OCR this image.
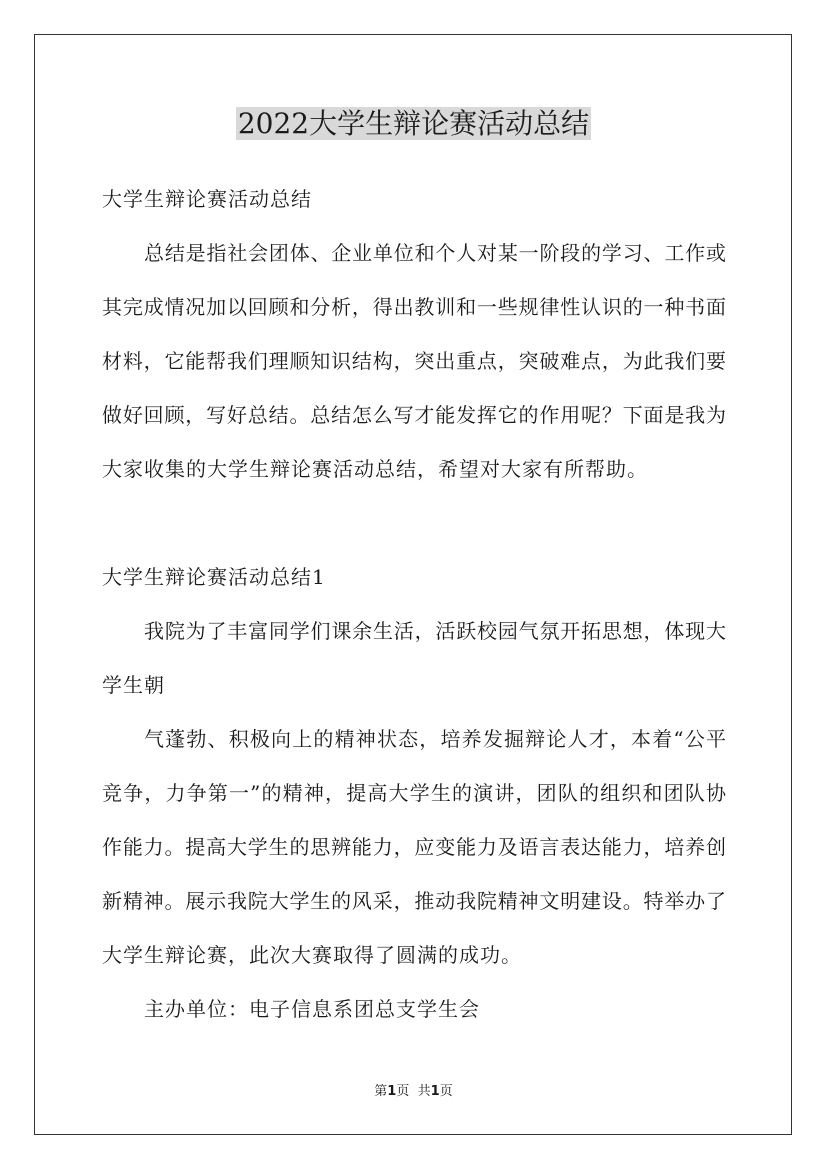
2022大学生辩论赛活动总结
大学生辩论赛活动总结
总结是指社会团体、企业单位和个人对某一阶段的学习、工作或
其完成情况加以回顾和分析，得出教训和一些规律性认识的一种书面
材料，它能帮我们理顺知识结构，突出重点，突破难点，为此我们要
做好回顾，写好总结。总结怎么写才能发挥它的作用呢？下面是我为
大家收集的大学生辩论赛活动总结，希望对大家有所帮助。
大学生辩论赛活动总结1
我院为了丰富同学们课余生活，活跃校园气氛开拓思想，体现大
学生朝
气蓬勃、积极向上的精神状态，培养发掘辩论人才，本着“公平
竞争，力争第一”的精神，提高大学生的演讲，团队的组织和团队协
作能力。提高大学生的思辨能力，应变能力及语言表达能力，培养创
新精神。展示我院大学生的风采，推动我院精神文明建设。特举办了
大学生辩论赛，此次大赛取得了圆满的成功。
主办单位：电子信息系团总支学生会
第1页 共1页
